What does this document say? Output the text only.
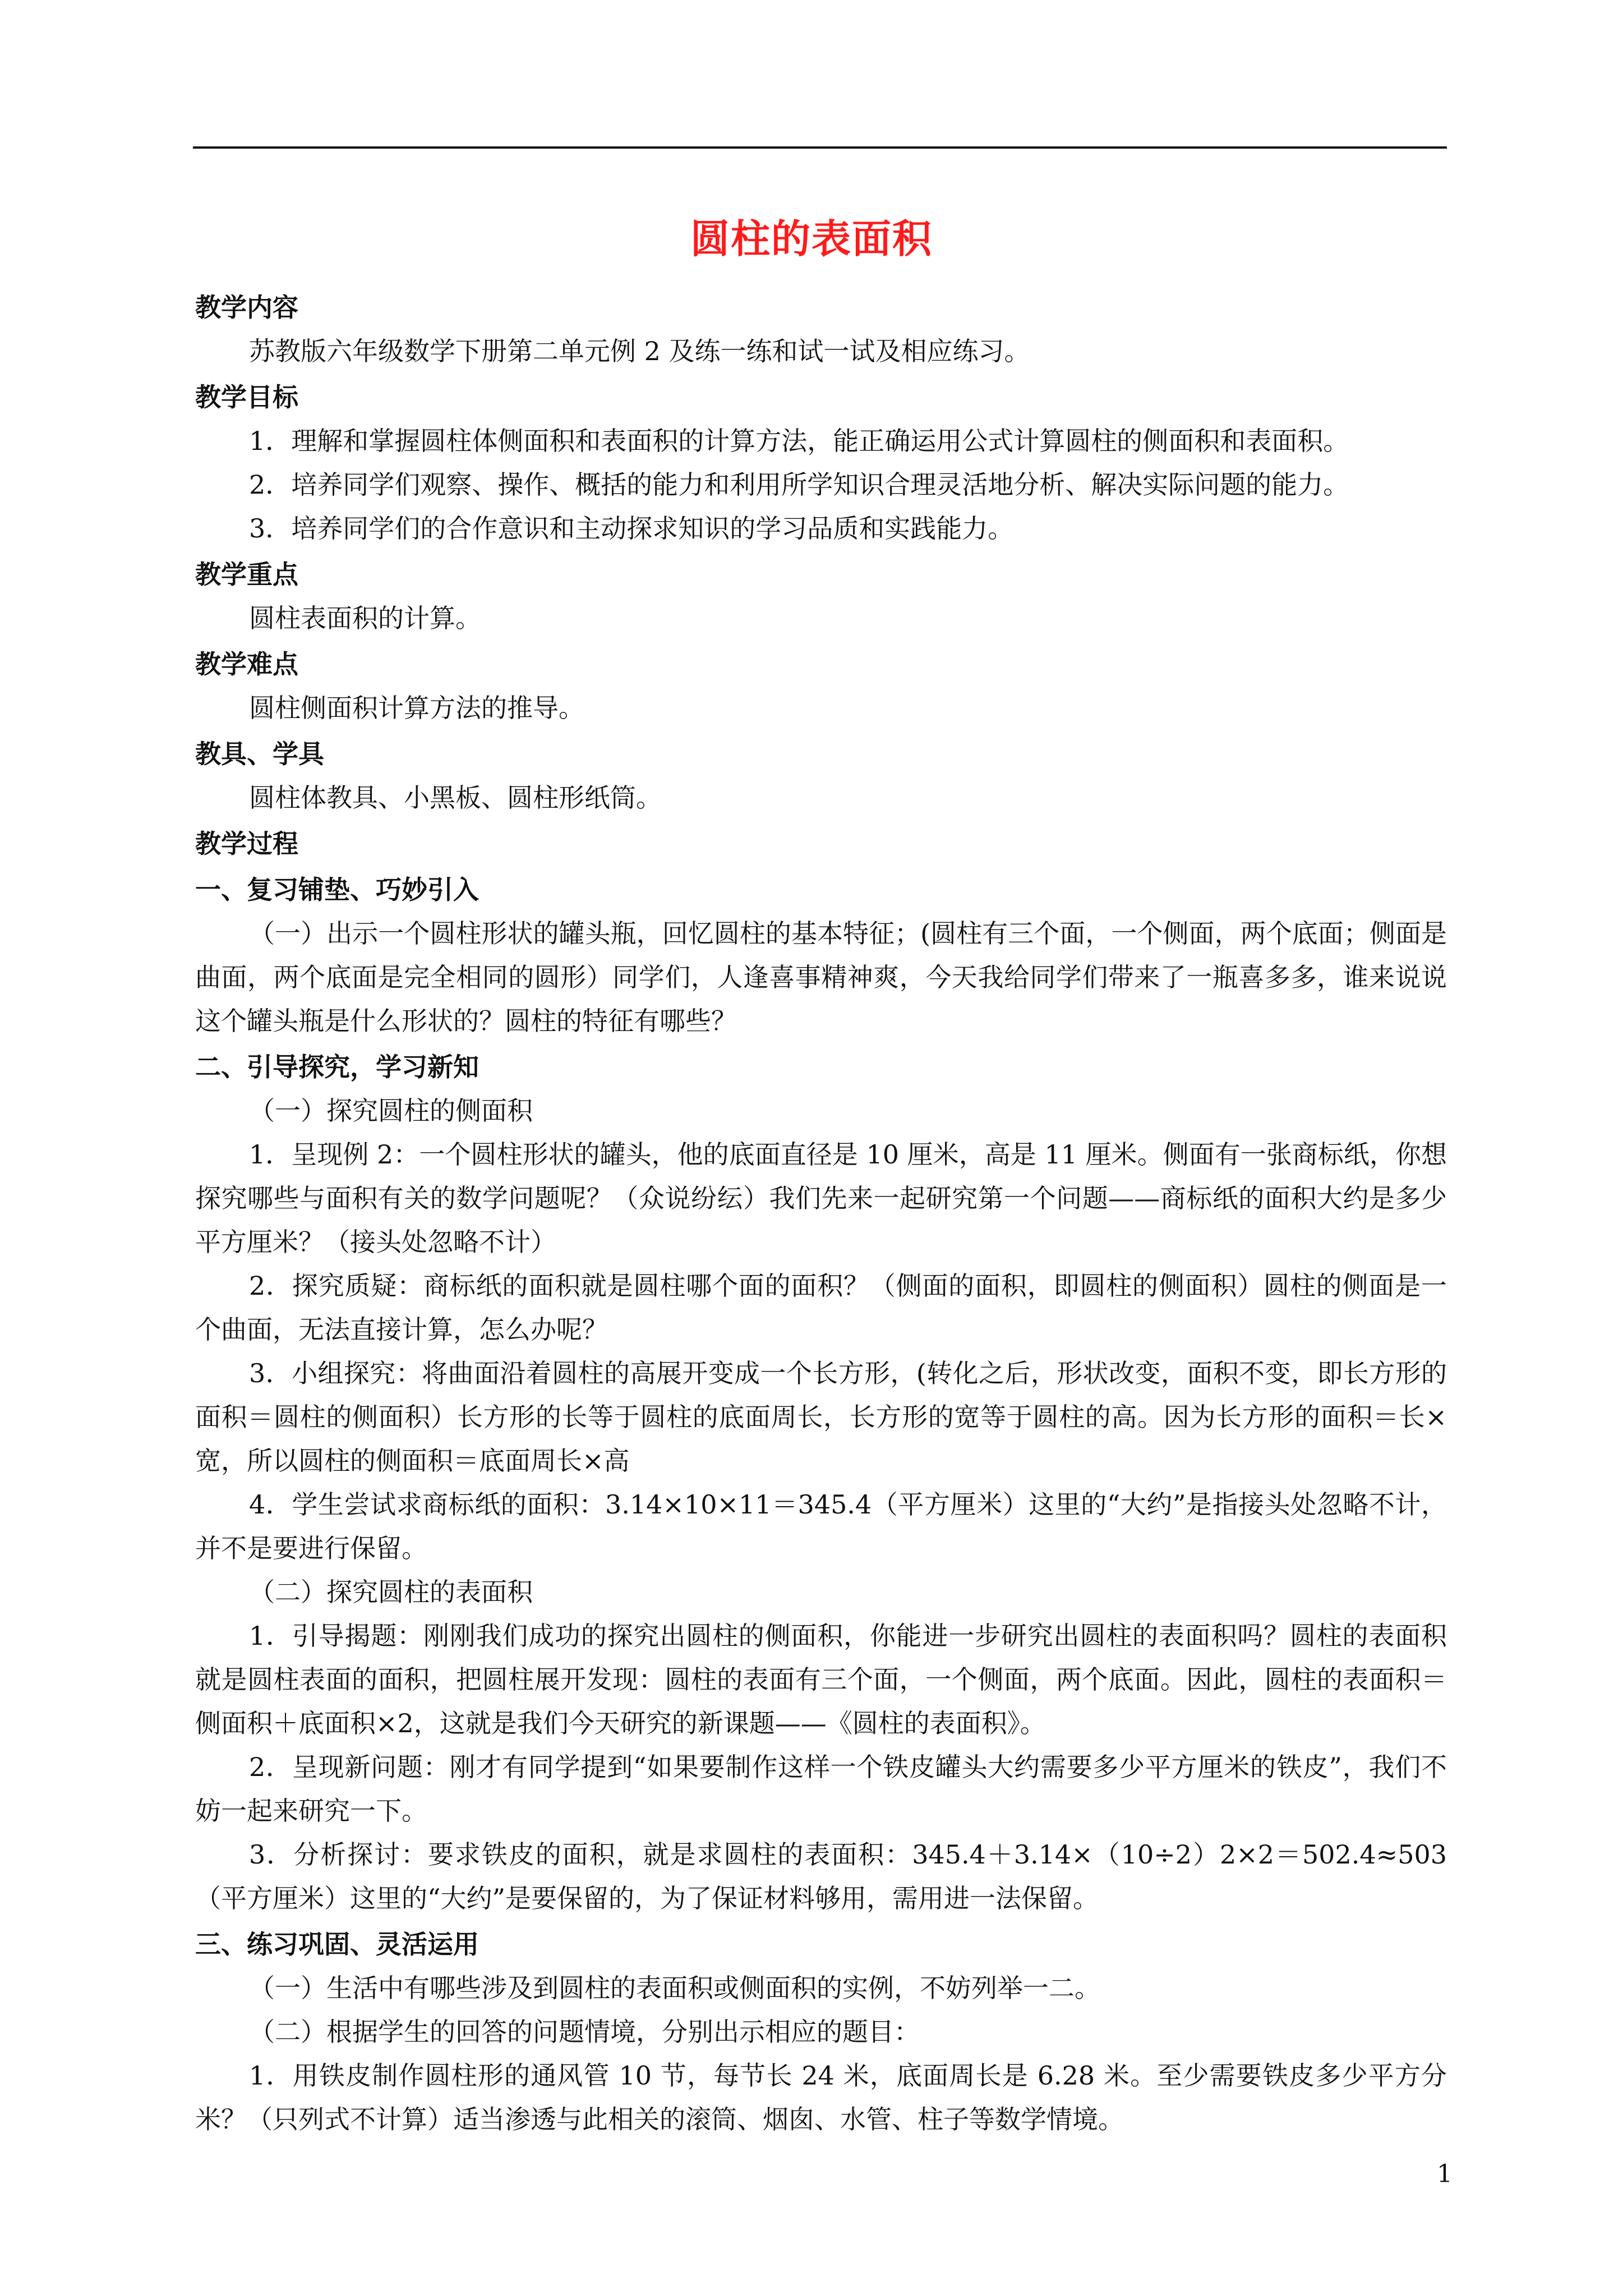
圆柱的表面积

教学内容

苏教版六年级数学下册第二单元例 2 及练一练和试一试及相应练习。

教学目标

1．理解和掌握圆柱体侧面积和表面积的计算方法，能正确运用公式计算圆柱的侧面积和表面积。

2．培养同学们观察、操作、概括的能力和利用所学知识合理灵活地分析、解决实际问题的能力。

3．培养同学们的合作意识和主动探求知识的学习品质和实践能力。

教学重点

圆柱表面积的计算。

教学难点

圆柱侧面积计算方法的推导。

教具、学具

圆柱体教具、小黑板、圆柱形纸筒。

教学过程

一、复习铺垫、巧妙引入

（一）出示一个圆柱形状的罐头瓶，回忆圆柱的基本特征；(圆柱有三个面，一个侧面，两个底面；侧面是曲面，两个底面是完全相同的圆形）同学们，人逢喜事精神爽，今天我给同学们带来了一瓶喜多多，谁来说说这个罐头瓶是什么形状的？圆柱的特征有哪些？

二、引导探究，学习新知

（一）探究圆柱的侧面积

1．呈现例 2：一个圆柱形状的罐头，他的底面直径是 10 厘米，高是 11 厘米。侧面有一张商标纸，你想探究哪些与面积有关的数学问题呢？（众说纷纭）我们先来一起研究第一个问题——商标纸的面积大约是多少平方厘米？（接头处忽略不计）

2．探究质疑：商标纸的面积就是圆柱哪个面的面积？（侧面的面积，即圆柱的侧面积）圆柱的侧面是一个曲面，无法直接计算，怎么办呢？

3．小组探究：将曲面沿着圆柱的高展开变成一个长方形，(转化之后，形状改变，面积不变，即长方形的面积＝圆柱的侧面积）长方形的长等于圆柱的底面周长，长方形的宽等于圆柱的高。因为长方形的面积＝长×宽，所以圆柱的侧面积＝底面周长×高

4．学生尝试求商标纸的面积：3.14×10×11＝345.4（平方厘米）这里的“大约”是指接头处忽略不计，并不是要进行保留。

（二）探究圆柱的表面积

1．引导揭题：刚刚我们成功的探究出圆柱的侧面积，你能进一步研究出圆柱的表面积吗？圆柱的表面积就是圆柱表面的面积，把圆柱展开发现：圆柱的表面有三个面，一个侧面，两个底面。因此，圆柱的表面积＝侧面积＋底面积×2，这就是我们今天研究的新课题——《圆柱的表面积》。

2．呈现新问题：刚才有同学提到“如果要制作这样一个铁皮罐头大约需要多少平方厘米的铁皮”，我们不妨一起来研究一下。

3．分析探讨：要求铁皮的面积，就是求圆柱的表面积：345.4＋3.14×（10÷2）2×2＝502.4≈503（平方厘米）这里的“大约”是要保留的，为了保证材料够用，需用进一法保留。

三、练习巩固、灵活运用

（一）生活中有哪些涉及到圆柱的表面积或侧面积的实例，不妨列举一二。

（二）根据学生的回答的问题情境，分别出示相应的题目：

1．用铁皮制作圆柱形的通风管 10 节，每节长 24 米，底面周长是 6.28 米。至少需要铁皮多少平方分米？（只列式不计算）适当渗透与此相关的滚筒、烟囱、水管、柱子等数学情境。

1
